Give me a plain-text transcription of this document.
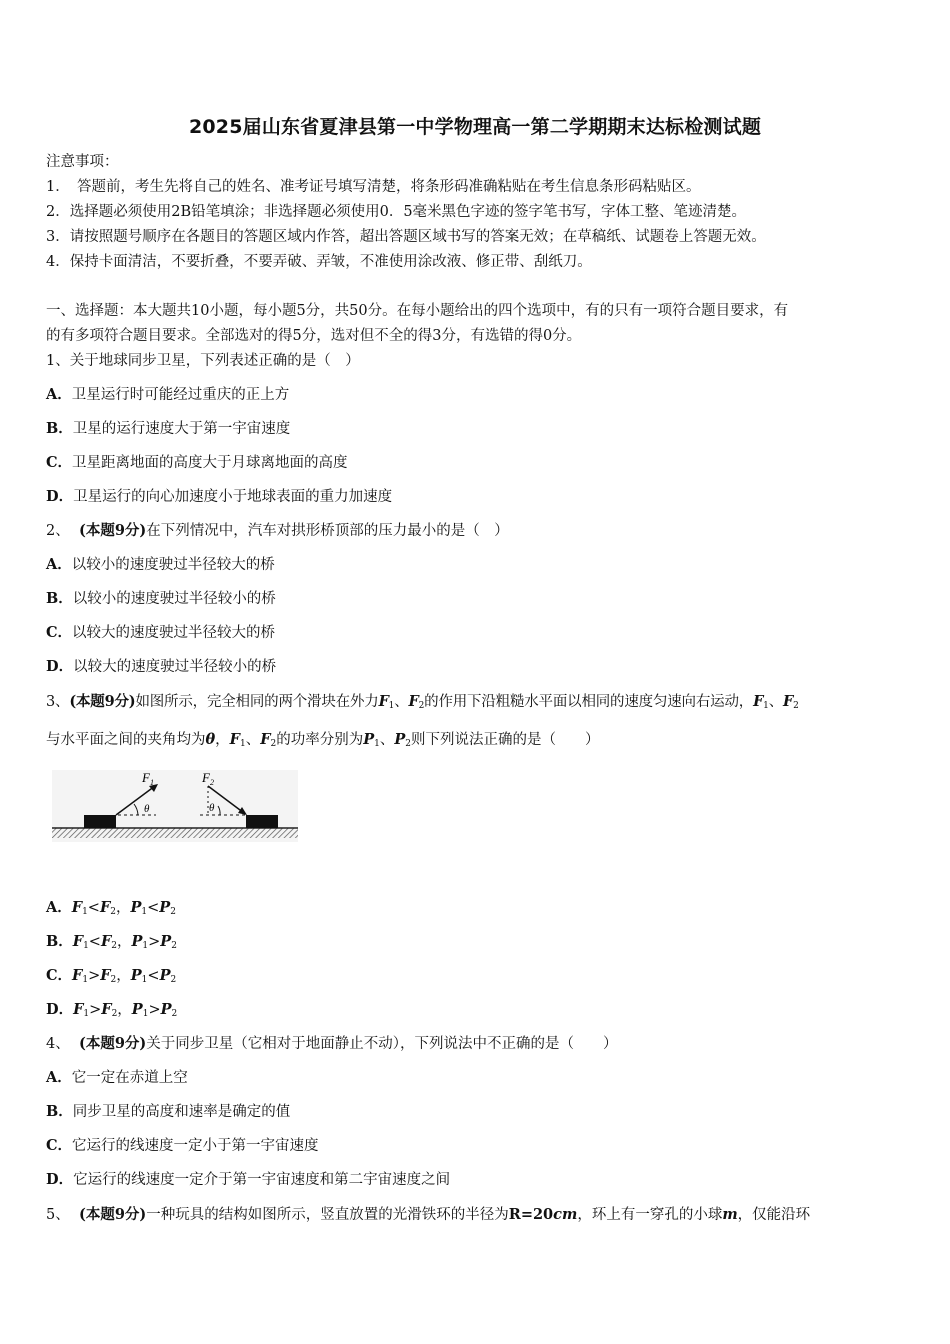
2025届山东省夏津县第一中学物理高一第二学期期末达标检测试题
注意事项：
1．　答题前，考生先将自己的姓名、准考证号填写清楚，将条形码准确粘贴在考生信息条形码粘贴区。
2．选择题必须使用2B铅笔填涂；非选择题必须使用0．5毫米黑色字迹的签字笔书写，字体工整、笔迹清楚。
3．请按照题号顺序在各题目的答题区域内作答，超出答题区域书写的答案无效；在草稿纸、试题卷上答题无效。
4．保持卡面清洁，不要折叠，不要弄破、弄皱，不准使用涂改液、修正带、刮纸刀。
一、选择题：本大题共10小题，每小题5分，共50分。在每小题给出的四个选项中，有的只有一项符合题目要求，有
的有多项符合题目要求。全部选对的得5分，选对但不全的得3分，有选错的得0分。
1、关于地球同步卫星，下列表述正确的是（　）
A．卫星运行时可能经过重庆的正上方
B．卫星的运行速度大于第一宇宙速度
C．卫星距离地面的高度大于月球离地面的高度
D．卫星运行的向心加速度小于地球表面的重力加速度
2、 (本题9分)在下列情况中，汽车对拱形桥顶部的压力最小的是（　）
A．以较小的速度驶过半径较大的桥
B．以较小的速度驶过半径较小的桥
C．以较大的速度驶过半径较大的桥
D．以较大的速度驶过半径较小的桥
3、(本题9分)如图所示，完全相同的两个滑块在外力$F_1$、$F_2$的作用下沿粗糙水平面以相同的速度匀速向右运动，$F_1$、$F_2$
与水平面之间的夹角均为θ，$F_1$、$F_2$的功率分别为$P_1$、$P_2$则下列说法正确的是（　　）
$F_1$	$F_2$
θ	θ
A．$F_1<F_2$，$P_1<P_2$
B．$F_1<F_2$，$P_1>P_2$
C．$F_1>F_2$，$P_1<P_2$
D．$F_1>F_2$，$P_1>P_2$
4、 (本题9分)关于同步卫星（它相对于地面静止不动），下列说法中不正确的是（　　）
A．它一定在赤道上空
B．同步卫星的高度和速率是确定的值
C．它运行的线速度一定小于第一宇宙速度
D．它运行的线速度一定介于第一宇宙速度和第二宇宙速度之间
5、 (本题9分)一种玩具的结构如图所示，竖直放置的光滑铁环的半径为R=20cm，环上有一穿孔的小球m，仅能沿环
